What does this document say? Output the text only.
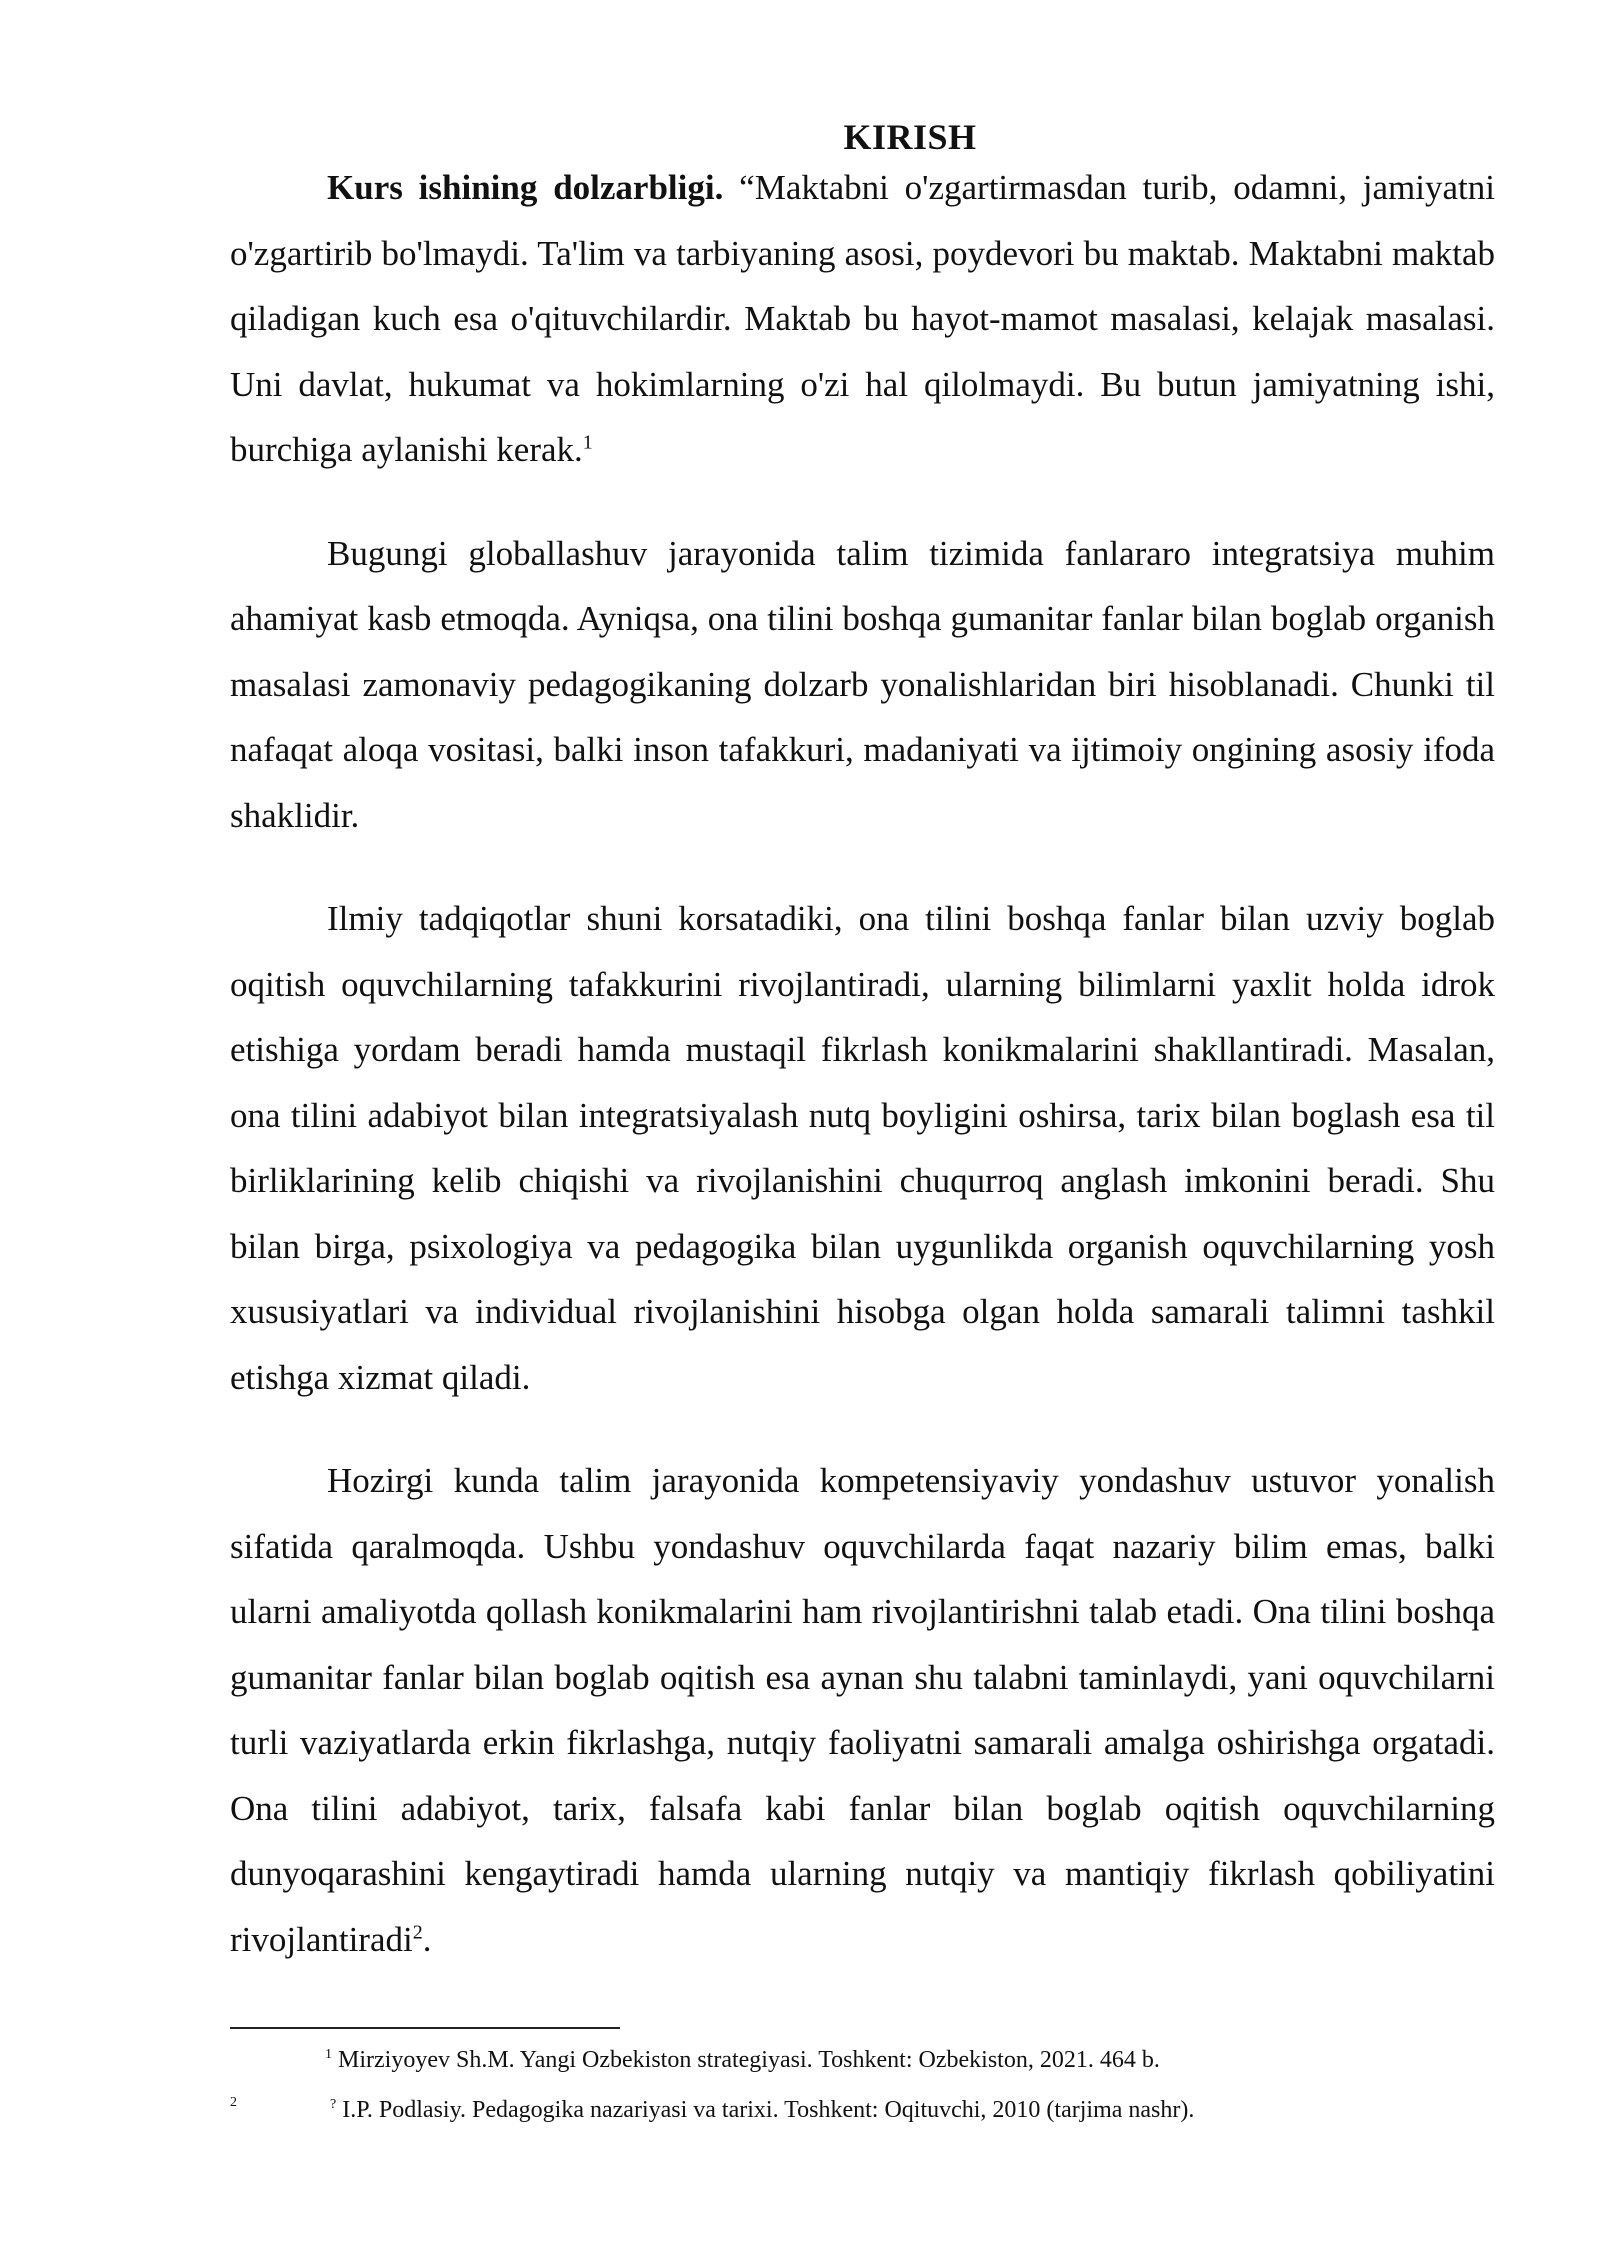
KIRISH

Kurs ishining dolzarbligi. “Maktabni o'zgartirmasdan turib, odamni, jamiyatni o'zgartirib bo'lmaydi. Ta'lim va tarbiyaning asosi, poydevori bu maktab. Maktabni maktab qiladigan kuch esa o'qituvchilardir. Maktab bu hayot-mamot masalasi, kelajak masalasi. Uni davlat, hukumat va hokimlarning o'zi hal qilolmaydi. Bu butun jamiyatning ishi, burchiga aylanishi kerak.$^1$

Bugungi globallashuv jarayonida talim tizimida fanlararo integratsiya muhim ahamiyat kasb etmoqda. Ayniqsa, ona tilini boshqa gumanitar fanlar bilan boglab organish masalasi zamonaviy pedagogikaning dolzarb yonalishlaridan biri hisoblanadi. Chunki til nafaqat aloqa vositasi, balki inson tafakkuri, madaniyati va ijtimoiy ongining asosiy ifoda shaklidir.

Ilmiy tadqiqotlar shuni korsatadiki, ona tilini boshqa fanlar bilan uzviy boglab oqitish oquvchilarning tafakkurini rivojlantiradi, ularning bilimlarni yaxlit holda idrok etishiga yordam beradi hamda mustaqil fikrlash konikmalarini shakllantiradi. Masalan, ona tilini adabiyot bilan integratsiyalash nutq boyligini oshirsa, tarix bilan boglash esa til birliklarining kelib chiqishi va rivojlanishini chuqurroq anglash imkonini beradi. Shu bilan birga, psixologiya va pedagogika bilan uygunlikda organish oquvchilarning yosh xususiyatlari va individual rivojlanishini hisobga olgan holda samarali talimni tashkil etishga xizmat qiladi.

Hozirgi kunda talim jarayonida kompetensiyaviy yondashuv ustuvor yonalish sifatida qaralmoqda. Ushbu yondashuv oquvchilarda faqat nazariy bilim emas, balki ularni amaliyotda qollash konikmalarini ham rivojlantirishni talab etadi. Ona tilini boshqa gumanitar fanlar bilan boglab oqitish esa aynan shu talabni taminlaydi, yani oquvchilarni turli vaziyatlarda erkin fikrlashga, nutqiy faoliyatni samarali amalga oshirishga orgatadi. Ona tilini adabiyot, tarix, falsafa kabi fanlar bilan boglab oqitish oquvchilarning dunyoqarashini kengaytiradi hamda ularning nutqiy va mantiqiy fikrlash qobiliyatini rivojlantiradi$^2$.

$^1$ Mirziyoyev Sh.M. Yangi Ozbekiston strategiyasi. Toshkent: Ozbekiston, 2021. 464 b.
2	? I.P. Podlasiy. Pedagogika nazariyasi va tarixi. Toshkent: Oqituvchi, 2010 (tarjima nashr).
